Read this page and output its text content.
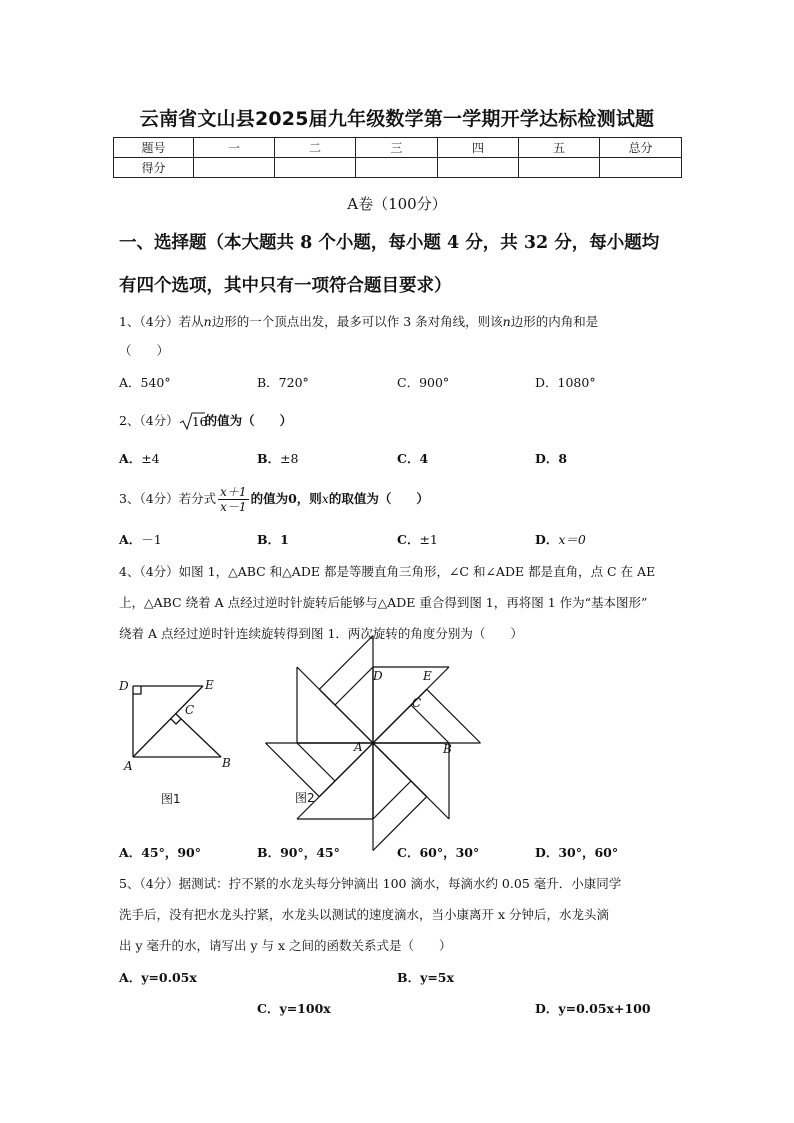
云南省文山县2025届九年级数学第一学期开学达标检测试题
题号	一	二	三	四	五	总分
得分						
A卷（100分）
一、选择题（本大题共 8 个小题，每小题 4 分，共 32 分，每小题均
有四个选项，其中只有一项符合题目要求）
1、（4分）若从n边形的一个顶点出发，最多可以作 3 条对角线，则该n边形的内角和是
（　　）
A．540°	B．720°	C．900°	D．1080°
2、（4分） 16
的值为（　　）
A．±4	B．±8	C．4	D．8
3、（4分）若分式 $\frac{x+1}{x-1}$ 的值为0，则x的取值为（　　）
A．－1	B．1	C．±1	D．x＝0
4、（4分）如图 1，△ABC 和△ADE 都是等腰直角三角形，∠C 和∠ADE 都是直角，点 C 在 AE
上，△ABC 绕着 A 点经过逆时针旋转后能够与△ADE 重合得到图 1，再将图 1 作为“基本图形”
绕着 A 点经过逆时针连续旋转得到图 1．两次旋转的角度分别为（　　）
D	E
C
A	B
图1
D	E
C
A	B
图2
A．45°，90°	B．90°，45°	C．60°，30°	D．30°，60°
5、（4分）据测试：拧不紧的水龙头每分钟滴出 100 滴水，每滴水约 0.05 毫升．小康同学
洗手后，没有把水龙头拧紧，水龙头以测试的速度滴水，当小康离开 x 分钟后，水龙头滴
出 y 毫升的水，请写出 y 与 x 之间的函数关系式是（　　）
A．y=0.05x	B．y=5x
C．y=100x	D．y=0.05x+100
